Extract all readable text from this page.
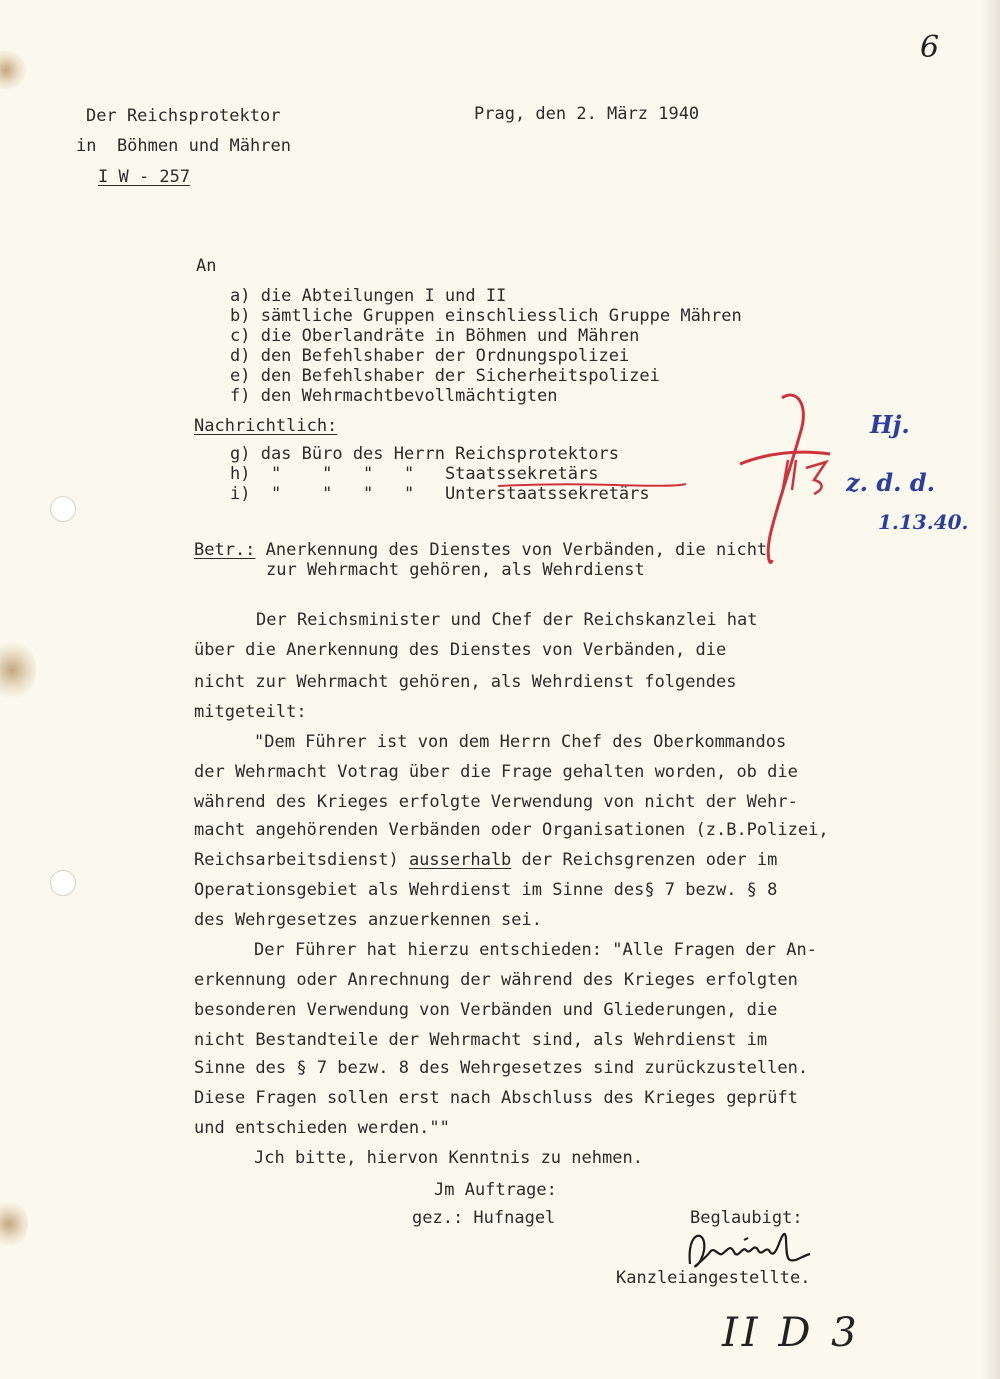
6

Der Reichsprotektor

in  Böhmen und Mähren

I W - 257

Prag, den 2. März 1940

An

a) die Abteilungen I und II

b) sämtliche Gruppen einschliesslich Gruppe Mähren

c) die Oberlandräte in Böhmen und Mähren

d) den Befehlshaber der Ordnungspolizei

e) den Befehlshaber der Sicherheitspolizei

f) den Wehrmachtbevollmächtigten

Nachrichtlich:

g) das Büro des Herrn Reichsprotektors

h)  "    "   "   "   Staatssekretärs

i)  "    "   "   "   Unterstaatssekretärs

Hj.
z. d. d.
1.13.40.

Betr.: Anerkennung des Dienstes von Verbänden, die nicht

zur Wehrmacht gehören, als Wehrdienst

Der Reichsminister und Chef der Reichskanzlei hat

über die Anerkennung des Dienstes von Verbänden, die

nicht zur Wehrmacht gehören, als Wehrdienst folgendes

mitgeteilt:

"Dem Führer ist von dem Herrn Chef des Oberkommandos

der Wehrmacht Votrag über die Frage gehalten worden, ob die

während des Krieges erfolgte Verwendung von nicht der Wehr-

macht angehörenden Verbänden oder Organisationen (z.B.Polizei,

Reichsarbeitsdienst) ausserhalb der Reichsgrenzen oder im

Operationsgebiet als Wehrdienst im Sinne des§ 7 bezw. § 8

des Wehrgesetzes anzuerkennen sei.

Der Führer hat hierzu entschieden: "Alle Fragen der An-

erkennung oder Anrechnung der während des Krieges erfolgten

besonderen Verwendung von Verbänden und Gliederungen, die

nicht Bestandteile der Wehrmacht sind, als Wehrdienst im

Sinne des § 7 bezw. 8 des Wehrgesetzes sind zurückzustellen.

Diese Fragen sollen erst nach Abschluss des Krieges geprüft

und entschieden werden.""

Jch bitte, hiervon Kenntnis zu nehmen.

Jm Auftrage:

gez.: Hufnagel	Beglaubigt:

Kanzleiangestellte.

II D 3
